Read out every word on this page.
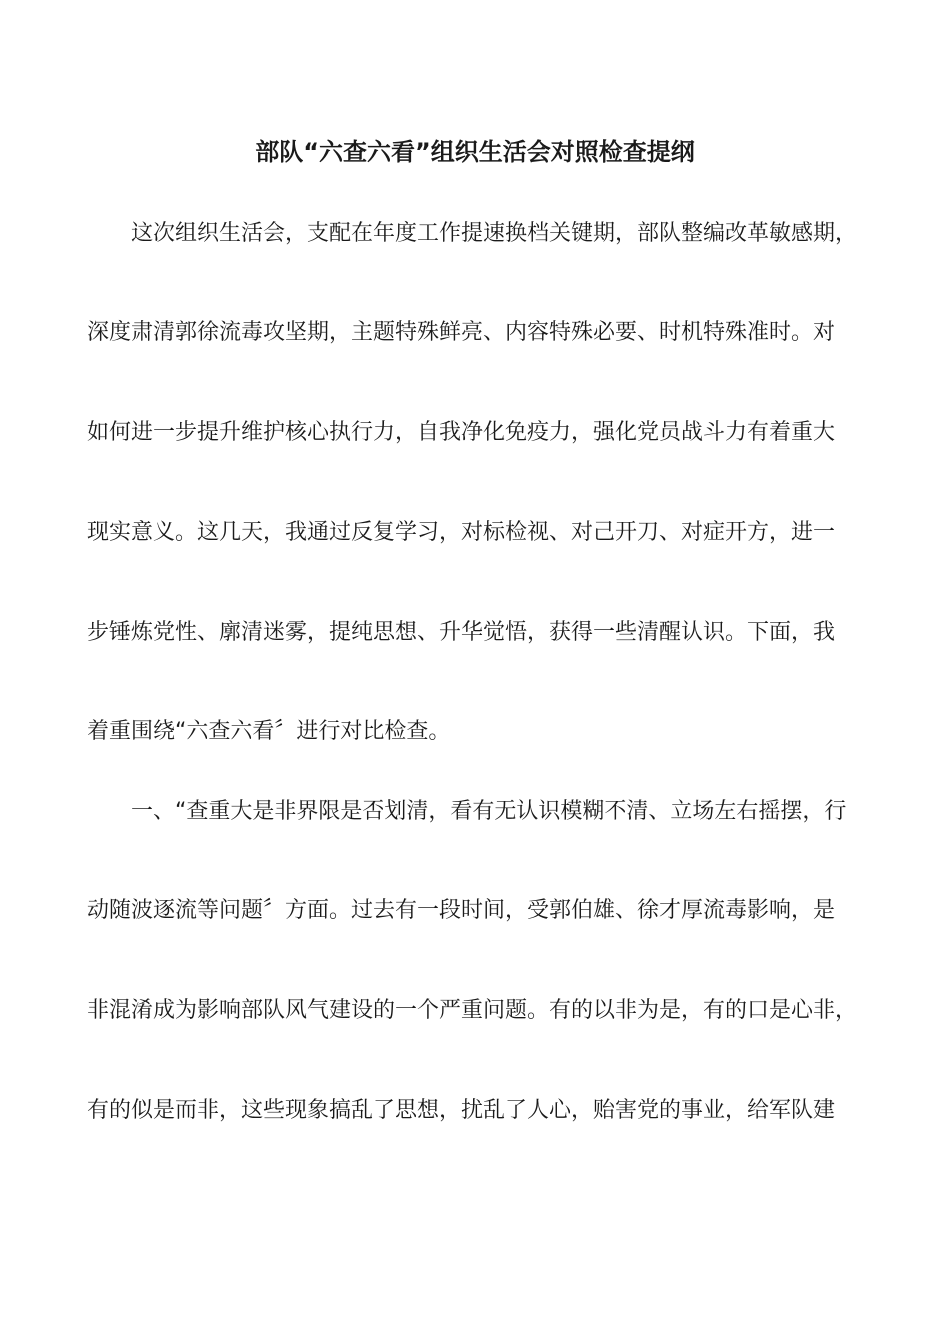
部队“六查六看”组织生活会对照检查提纲
这次组织生活会，支配在年度工作提速换档关键期，部队整编改革敏感期，
深度肃清郭徐流毒攻坚期，主题特殊鲜亮、内容特殊必要、时机特殊准时。对
如何进一步提升维护核心执行力，自我净化免疫力，强化党员战斗力有着重大
现实意义。这几天，我通过反复学习，对标检视、对己开刀、对症开方，进一
步锤炼党性、廓清迷雾，提纯思想、升华觉悟，获得一些清醒认识。下面，我
着重围绕“六查六看〞进行对比检查。
一、“查重大是非界限是否划清，看有无认识模糊不清、立场左右摇摆，行
动随波逐流等问题〞方面。过去有一段时间，受郭伯雄、徐才厚流毒影响，是
非混淆成为影响部队风气建设的一个严重问题。有的以非为是，有的口是心非，
有的似是而非，这些现象搞乱了思想，扰乱了人心，贻害党的事业，给军队建
